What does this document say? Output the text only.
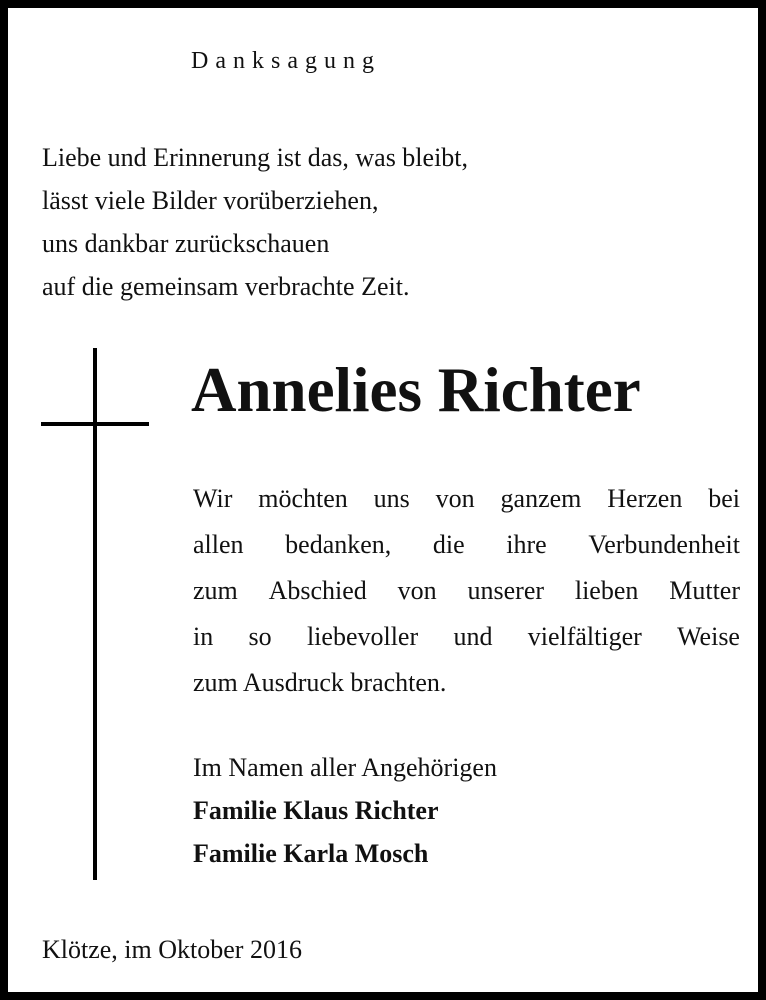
Danksagung
Liebe und Erinnerung ist das, was bleibt,
lässt viele Bilder vorüberziehen,
uns dankbar zurückschauen
auf die gemeinsam verbrachte Zeit.
Annelies Richter
Wir möchten uns von ganzem Herzen bei
allen bedanken, die ihre Verbundenheit
zum Abschied von unserer lieben Mutter
in so liebevoller und vielfältiger Weise
zum Ausdruck brachten.
Im Namen aller Angehörigen
Familie Klaus Richter
Familie Karla Mosch
Klötze, im Oktober 2016
